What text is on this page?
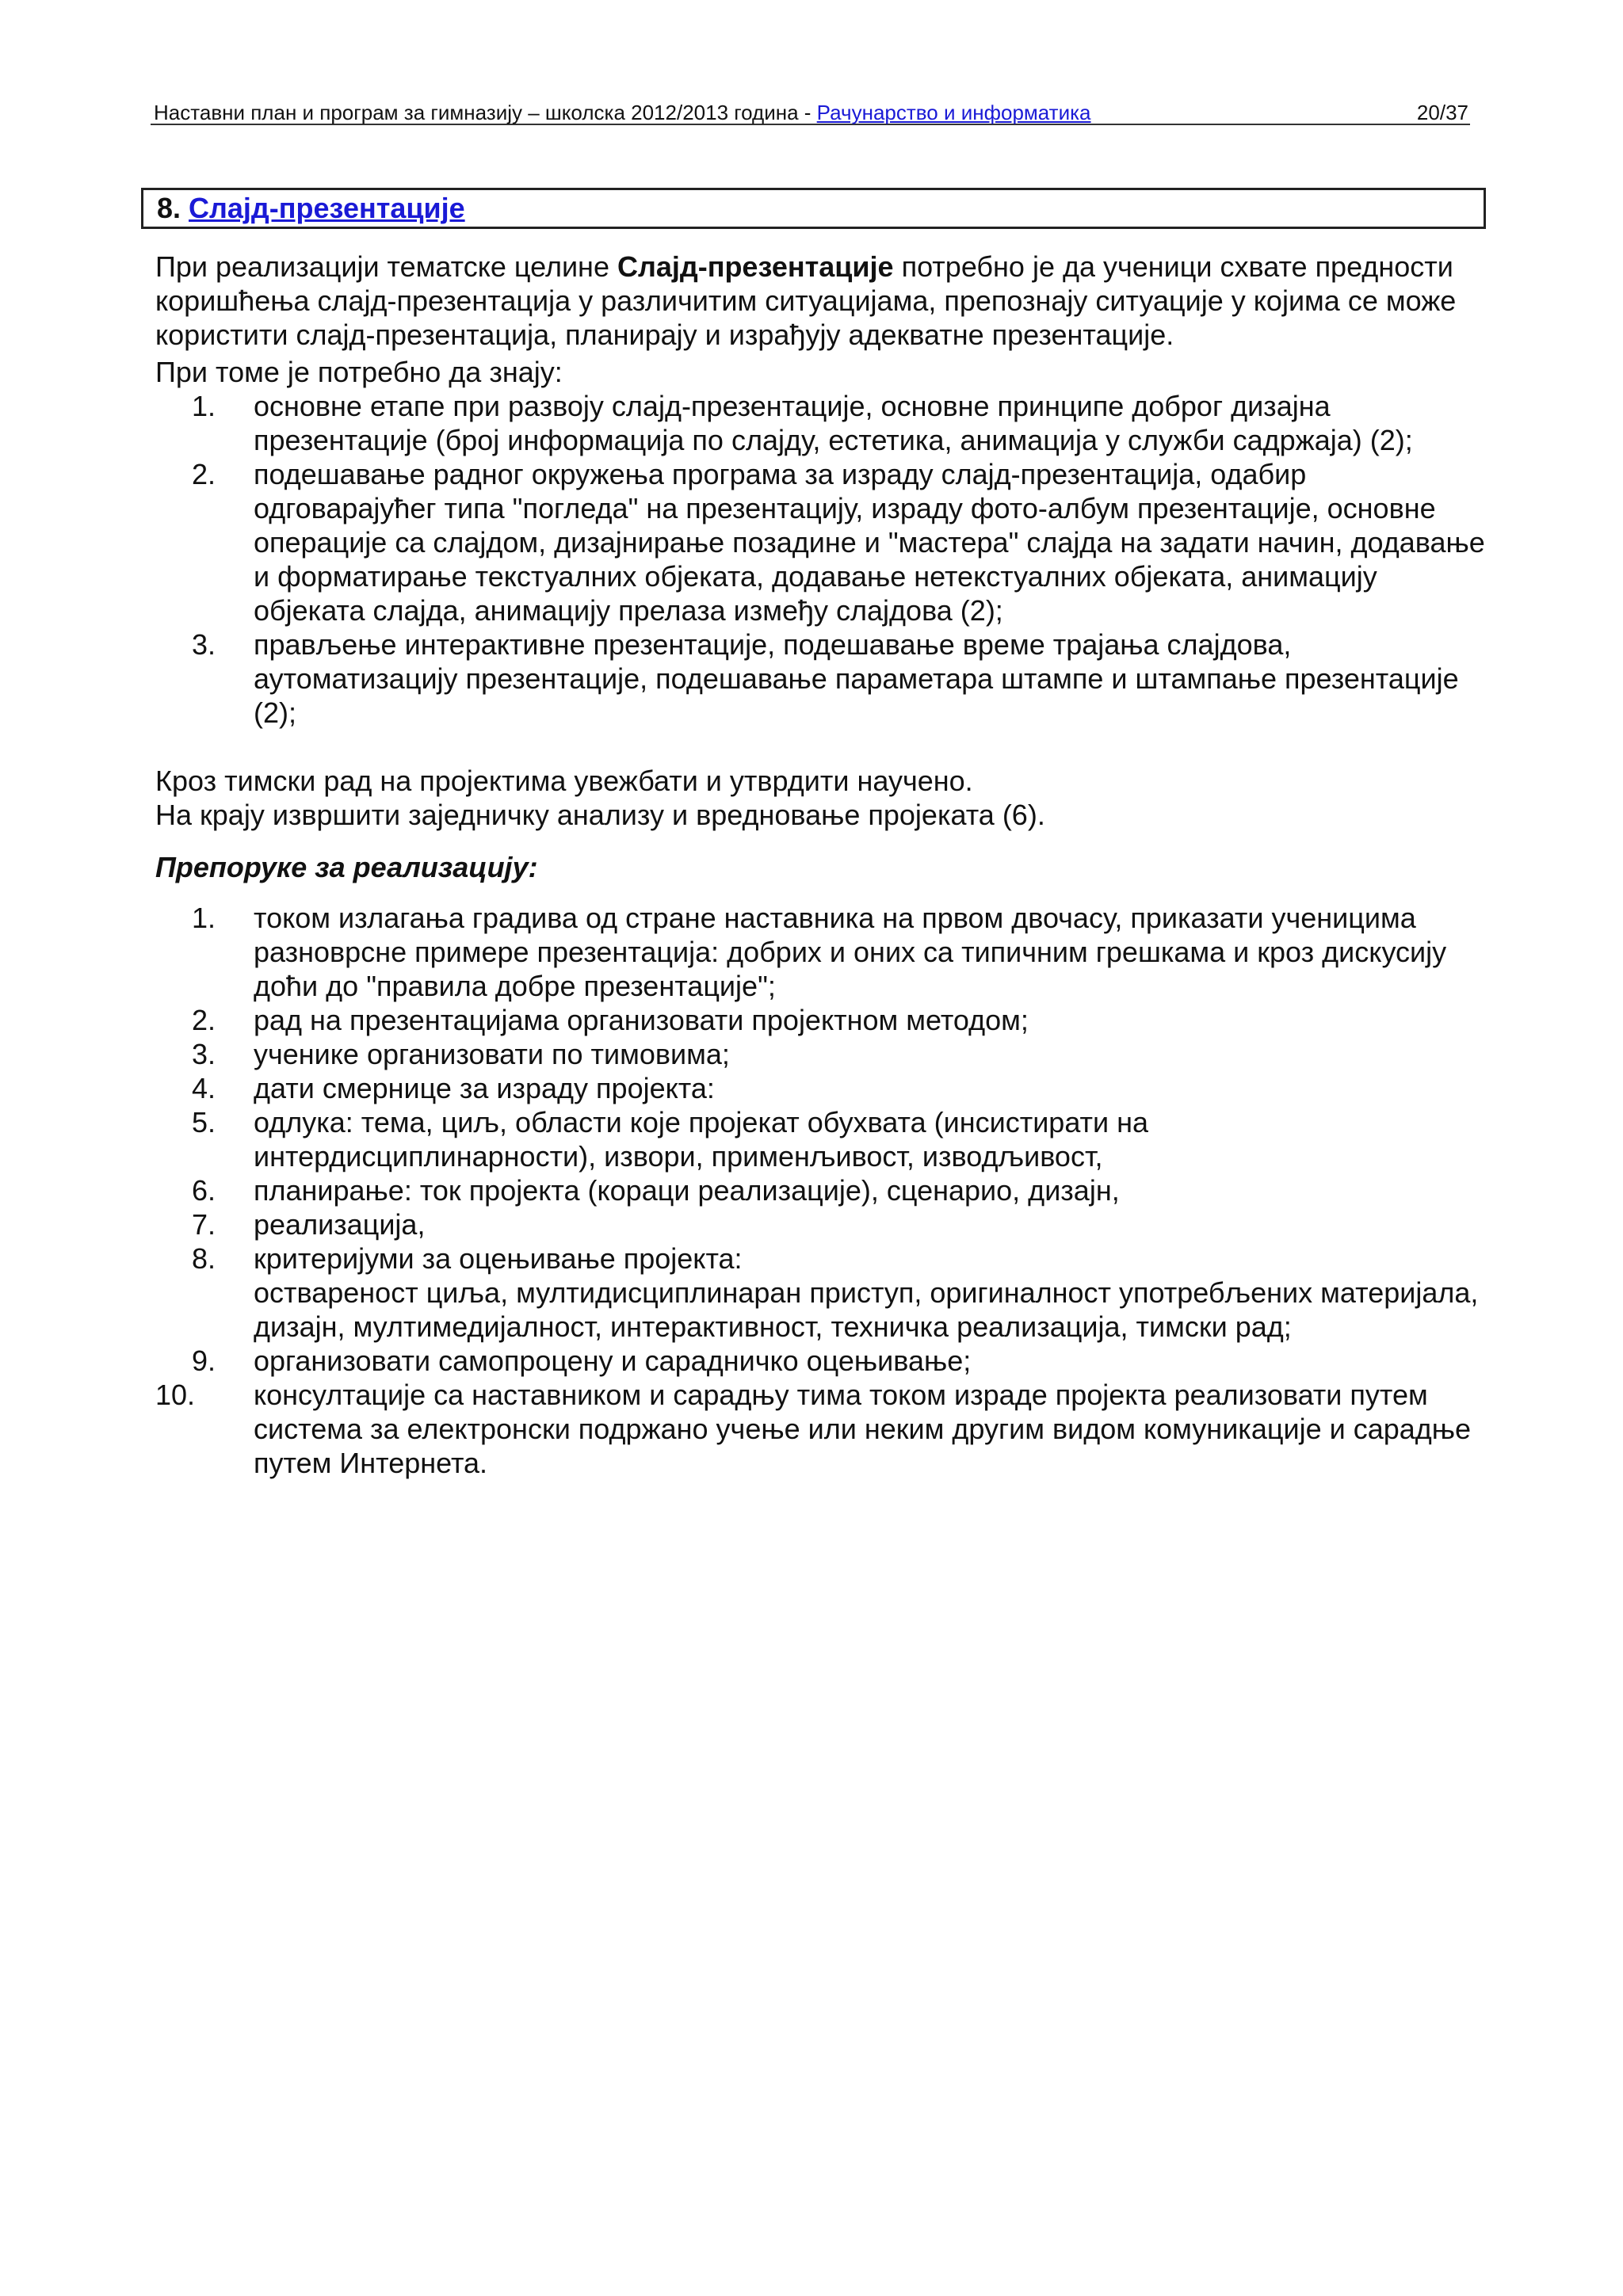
Наставни план и програм за гимназију – школска 2012/2013 година - Рачунарство и информатика	20/37
8. Слајд-презентације

При реализацији тематске целине Слајд-презентације потребно је да ученици схвате предности коришћења слајд-презентација у различитим ситуацијама, препознају ситуације у којима се може користити слајд-презентација, планирају и израђују адекватне презентације.

При томе је потребно да знају:

1. основне етапе при развоју слајд-презентације, основне принципе доброг дизајна презентације (број информација по слајду, естетика, анимација у служби садржаја) (2);
2. подешавање радног окружења програма за израду слајд-презентација, одабир одговарајућег типа "погледа" на презентацију, израду фото-албум презентације, основне операције са слајдом, дизајнирање позадине и "мастера" слајда на задати начин, додавање и форматирање текстуалних објеката, додавање нетекстуалних објеката, анимацију објеката слајда, анимацију прелаза између слајдова (2);
3. прављење интерактивне презентације, подешавање време трајања слајдова, аутоматизацију презентације, подешавање параметара штампе и штампање презентације (2);

Кроз тимски рад на пројектима увежбати и утврдити научено.

На крају извршити заједничку анализу и вредновање пројеката (6).

Препоруке за реализацију:

1. током излагања градива од стране наставника на првом двочасу, приказати ученицима разноврсне примере презентација: добрих и оних са типичним грешкама и кроз дискусију доћи до "правила добре презентације";
2. рад на презентацијама организовати пројектном методом;
3. ученике организовати по тимовима;
4. дати смернице за израду пројекта:
5. одлука: тема, циљ, области које пројекат обухвата (инсистирати на интердисциплинарности), извори, применљивост, изводљивост,
6. планирање: ток пројекта (кораци реализације), сценарио, дизајн,
7. реализација,
8. критеријуми за оцењивање пројекта:
оствареност циља, мултидисциплинаран приступ, оригиналност употребљених материјала, дизајн, мултимедијалност, интерактивност, техничка реализација, тимски рад;
9. организовати самопроцену и сарадничко оцењивање;
10. консултације са наставником и сарадњу тима током израде пројекта реализовати путем система за електронски подржано учење или неким другим видом комуникације и сарадње путем Интернета.
